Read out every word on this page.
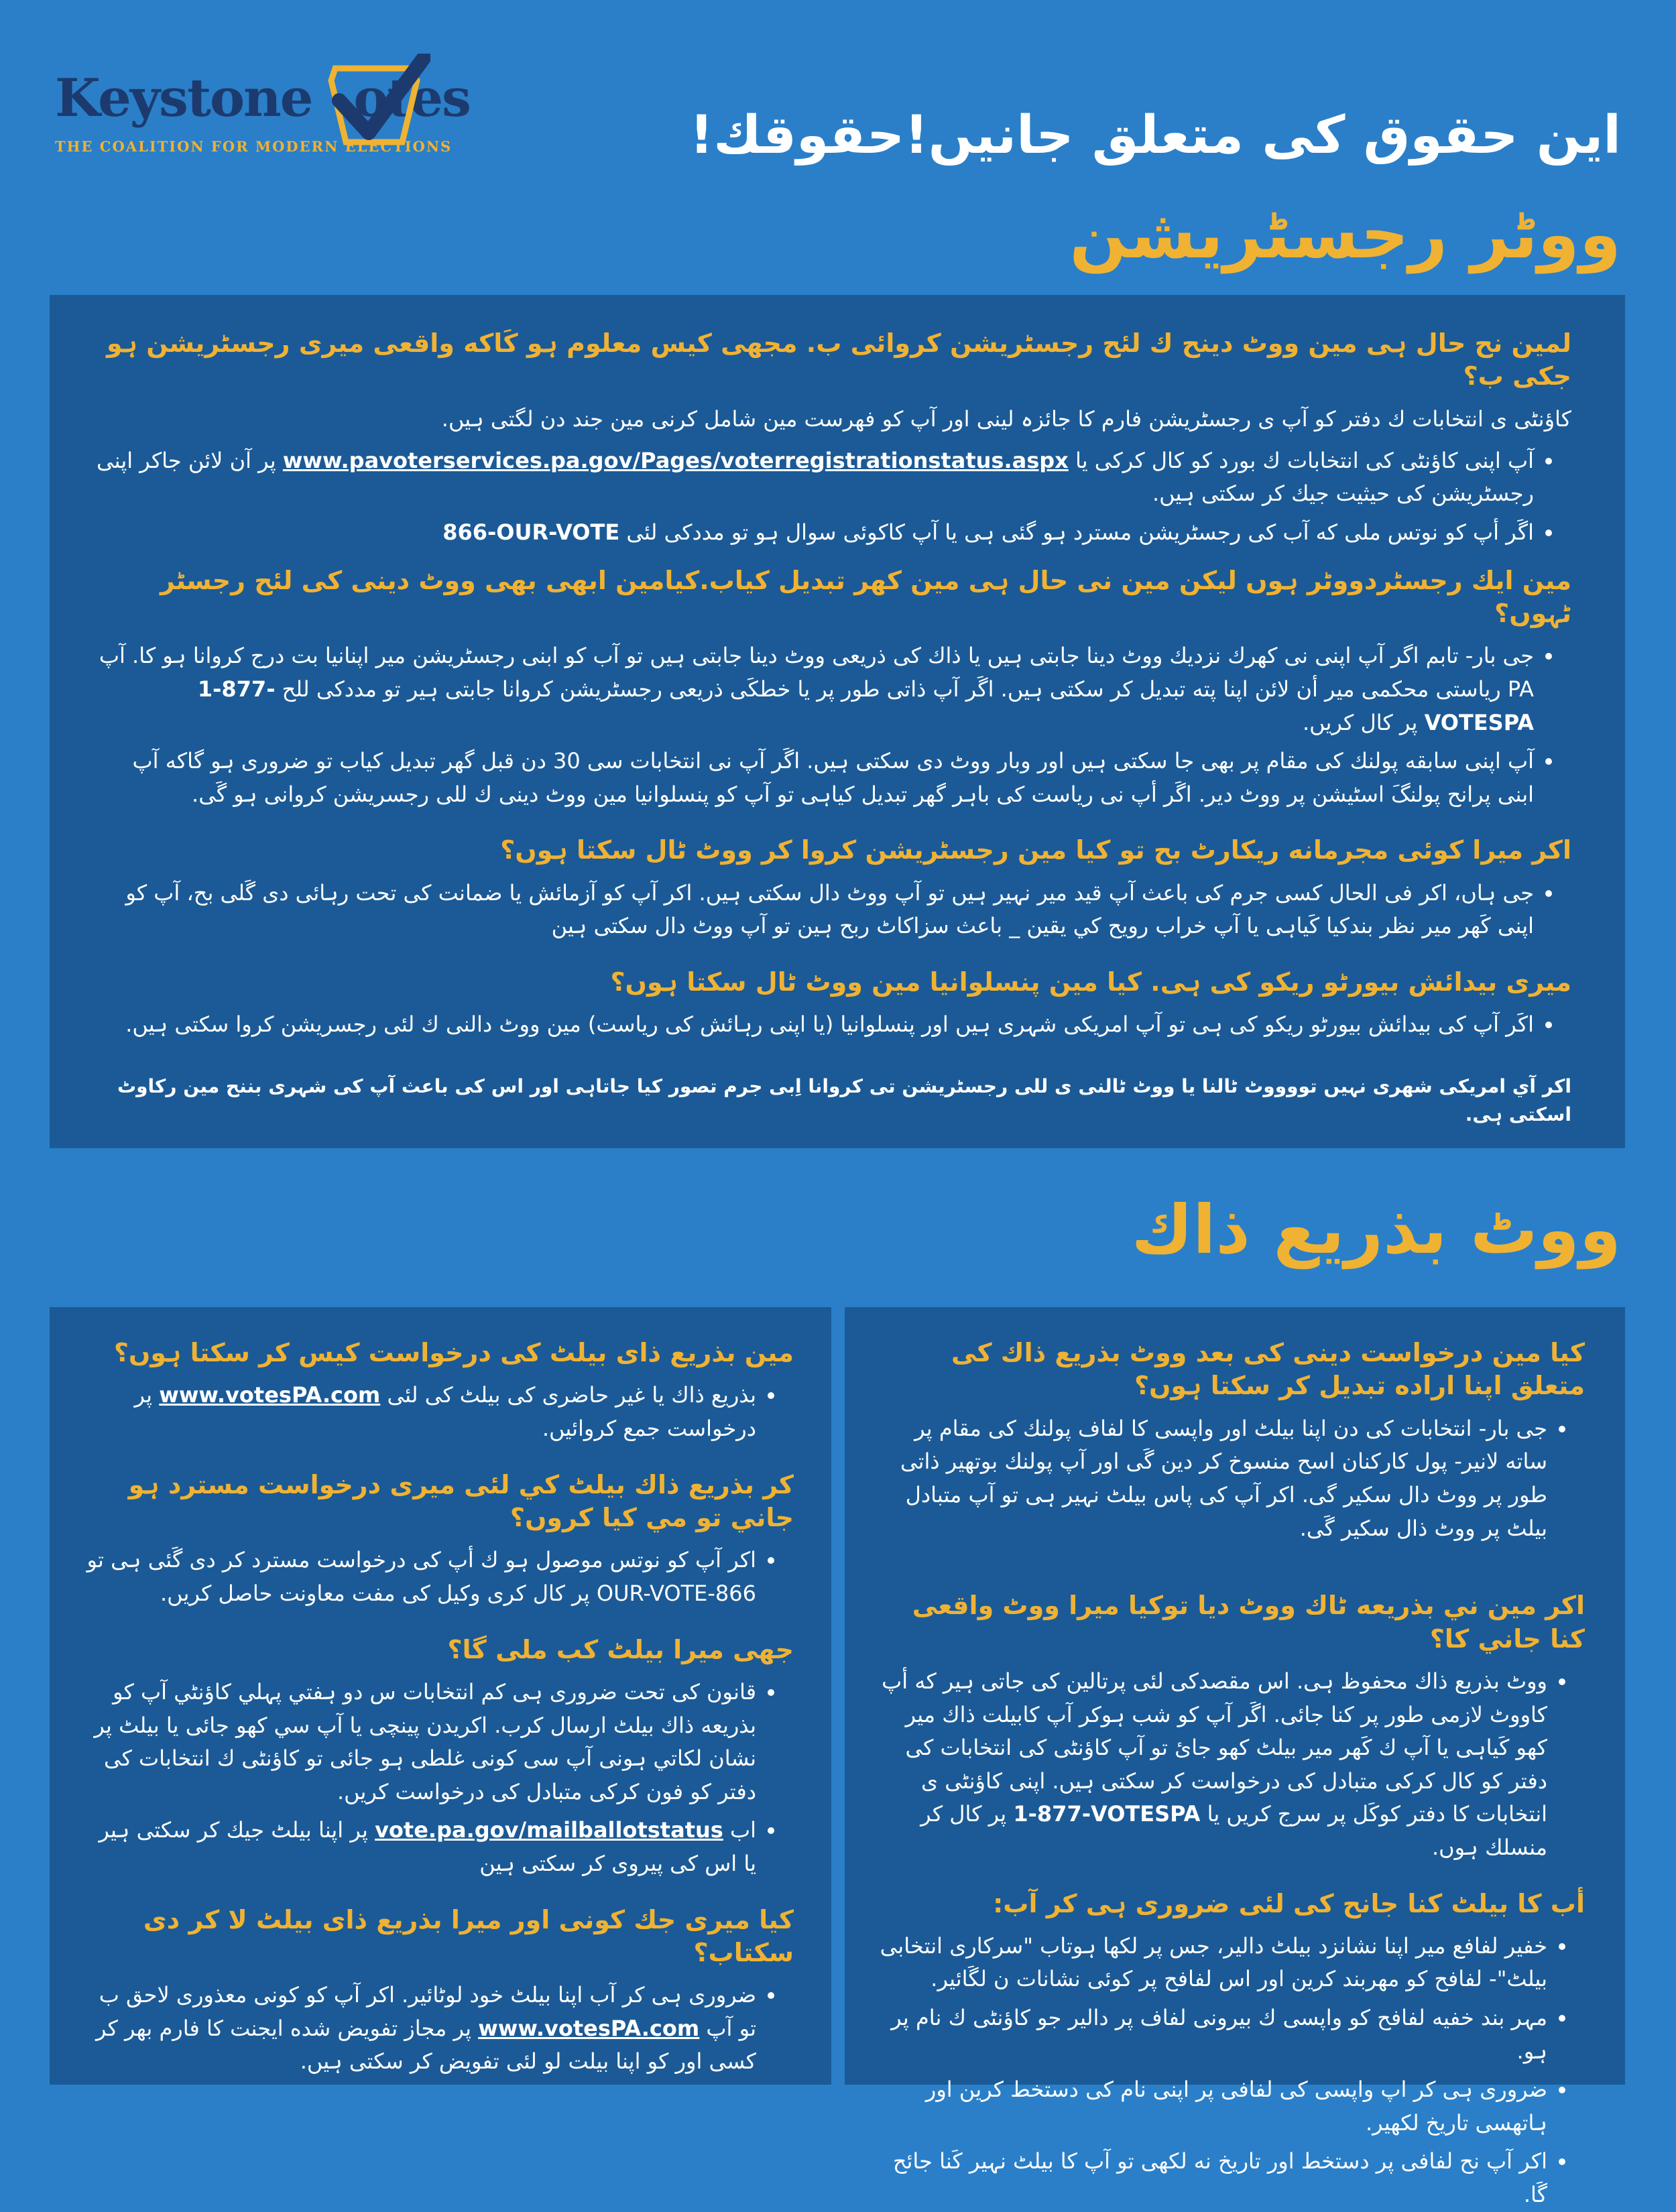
Keystone otes
THE COALITION FOR MODERN ELECTIONS	اين حقوق کی متعلق جانيں!حقوقك!
ووٹر رجسٹريشن
لمين نح حال ہی مين ووٹ دينح ك لئح رجسٹريشن کروائی ب. مجھی کيس معلوم ہو کَاکه واقعی ميری رجسٹريشن ہو جکی ب؟
کاؤنٹی ی انتخابات ك دفتر کو آپ ی رجسٹريشن فارم کا جائزہ لينی اور آپ کو فهرست مين شامل کرنی مين جند دن لگتی ہيں.
• آپ اپنی کاؤنٹی کی انتخابات ك بورد کو کال کرکی يا www.pavoterservices.pa.gov/Pages/voterregistrationstatus.aspx پر آن لائن جاکر اپنی رجسٹريشن کی حيثيت جيك کر سکتی ہيں.
• اگَر أپ کو نوتس ملی که آب کی رجسٹريشن مسترد ہو گئی ہی يا آپ کاکوئی سوال ہو تو مددکی لئی 866-OUR-VOTE
مين ايك رجسٹردووٹر ہوں ليکن مين نی حال ہی مين کهر تبديل کياب.کيامين ابهی بهی ووٹ دينی کی لئح رجسٹر ٹہوں؟
• جی بار- تابم اگر آپ اپنی نی کهرك نزديك ووٹ دينا جابتی ہيں يا ذاك کی ذريعی ووٹ دينا جابتی ہيں تو آب کو ابنی رجسٹريشن مير اپنانيا بت درج کروانا ہو کا. آپ PA رياستی محکمی مير أن لائن اپنا پته تبديل کر سکتی ہيں. اگَر آپ ذاتی طور پر يا خطکَی ذريعی رجسٹريشن کروانا جابتی ہير تو مددکی للح 1-877-VOTESPA پر کال کريں.
• آپ اپنی سابقه پولنك کی مقام پر بهی جا سکتی ہيں اور وبار ووٹ دی سکتی ہيں. اگَر آپ نی انتخابات سی 30 دن قبل گهر تبديل کياب تو ضروری ہو گاکه آپ ابنی پرانح پولنگَ اسٹيشن پر ووٹ دير. اگَر أپ نی رياست کی باہر گھر تبديل کياہی تو آپ کو پنسلوانيا مين ووٹ دينی ك للی رجسريشن کروانی ہو گَی.
اکر ميرا کوئی مجرمانه ريکارٹ بح تو کيا مين رجسٹريشن کروا کر ووٹ ٹال سکتا ہوں؟
• جی ہاں، اکر فی الحال کسی جرم کی باعث آپ قيد مير نہير ہيں تو آپ ووٹ دال سکتی ہيں. اکر آپ کو آزمائش يا ضمانت کی تحت رہائی دی گَلی بح، آپ کو اپنی کَهر مير نظر بندکيا کَياہی يا آپ خراب رويح کي يقين _ باعث سزاکاٹ ربح ہين تو آپ ووٹ دال سکتی ہين
ميری بيدائش بيورٹو ريکو کی ہی. کيا مين پنسلوانيا مين ووٹ ٹال سکتا ہوں؟
• اکَر آپ کی بيدائش بيورٹو ريکو کی ہی تو آپ امريکی شہری ہيں اور پنسلوانيا (يا اپنی رہائش کی رياست) مين ووٹ دالنی ك لئی رجسريشن کروا سکتی ہيں.
اکر آي امريکی شهری نہيں تووووٹ ٹالنا يا ووٹ ٹالنی ی للی رجسٹريشن تی کروانا اِبی جرم تصور کيا جاتاہی اور اس کی باعث آپ کی شہری بننح مين رکاوٹ اسکتی ہی.
ووٹ بذريع ذاك
کيا مين درخواست دينی کی بعد ووٹ بذريع ذاك کی متعلق اپنا اراده تبديل کر سکتا ہوں؟
• جی بار- انتخابات کی دن اپنا بيلٹ اور واپسی کا لفاف پولنك کی مقام پر ساته لانير- پول کارکنان اسح منسوخ کر دين گَی اور آپ پولنك بوتهير ذاتی طور پر ووٹ دال سکير گی. اکر آپ کی پاس بيلٹ نہير ہی تو آپ متبادل بيلٹ پر ووٹ ذال سکير گَی.
اکر مين ني بذريعه ٹاك ووٹ ديا توکيا ميرا ووٹ واقعی کنا جاني کا؟
• ووٹ بذريع ذاك محفوظ ہی. اس مقصدکی لئی پرتالين کی جاتی ہير که أپ کاووٹ لازمی طور پر کنا جائی. اگَر آپ کو شب ہوکر آپ کابيلت ذاك مير کهو کَياہی يا آپ ك کَهر مير بيلٹ کهو جائ تو آپ کاؤنٹی کی انتخابات کی دفتر کو کال کرکی متبادل کی درخواست کر سکتی ہيں. اپنی کاؤنٹی ی انتخابات کا دفتر کوکَل پر سرج کريں يا 1-877-VOTESPA پر کال کر منسلك ہوں.
أب کا بيلٹ کنا جانح کی لئی ضروری ہی کر آب:
• خفير لفافع مير اپنا نشانزد بيلٹ دالير، جس پر لکها ہوتاب "سرکاری انتخابی بيلٹ"- لفافح کو مهربند کرين اور اس لفافح پر کوئی نشانات ن لگَائير.
• مہر بند خفيه لفافح کو واپسی ك بيرونی لفاف پر دالير جو کاؤنٹی ك نام پر ہو.
• ضروری ہی کر اپ واپسی کی لفافی پر اپنی نام کی دستخط کرين اور ہاتهسی تاريخ لکهير.
• اکر آپ نح لفافی پر دستخط اور تاريخ نه لکھی تو آپ کا بيلٹ نہير کَنا جائح گَا.
مين بذريع ذاى بيلٹ کی درخواست کيس کر سکتا ہوں؟
• بذريع ذاك يا غير حاضری کی بيلٹ کی لئی www.votesPA.com پر درخواست جمع کروائيں.
کر بذريع ذاك بيلٹ کي لئی ميری درخواست مسترد ہو جاني تو مي کيا کروں؟
• اکر آپ کو نوتس موصول ہو ك أپ کی درخواست مسترد کر دی گَئی ہی تو 866-OUR-VOTE پر کال کری وکيل کی مفت معاونت حاصل کريں.
جهی ميرا بيلٹ کب ملی گا؟
• قانون کی تحت ضروری ہی کم انتخابات س دو ہفتي پہلي کاؤنٹي آپ کو بذريعه ذاك بيلٹ ارسال کرب. اکريدن پينچی يا آپ سي کهو جائی يا بيلٹ پر نشان لکاتي ہونی آپ سی کونی غلطی ہو جائی تو کاؤنٹی ك انتخابات کی دفتر کو فون کرکی متبادل کی درخواست کريں.
• اب vote.pa.gov/mailballotstatus پر اپنا بيلٹ جيك کر سکتی ہير يا اس کی پيروی کر سکتی ہين
کيا ميری جك کونی اور ميرا بذريع ذاى بيلٹ لا کر دی سکتاب؟
• ضروری ہی کر آب اپنا بيلٹ خود لوٹائير. اکر آپ کو کونی معذوری لاحق ب تو آپ www.votesPA.com پر مجاز تفويض شده ايجنت کا فارم بهر کر کسی اور کو اپنا بيلت لو لئی تفويض کر سکتی ہيں.
